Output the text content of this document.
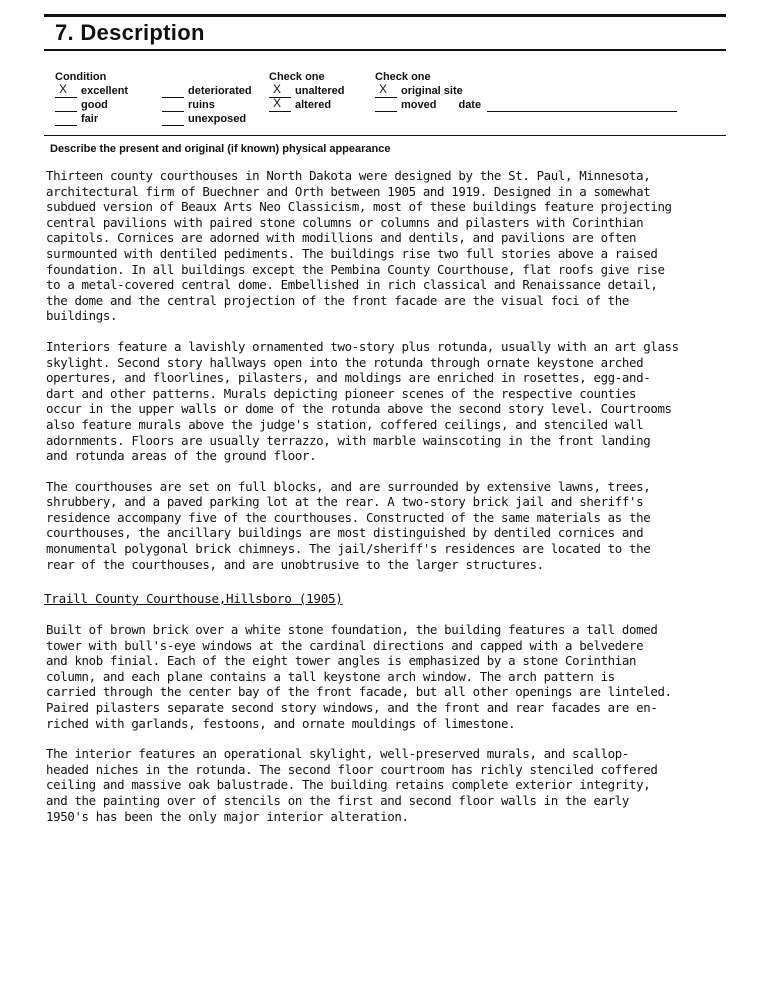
7. Description
Condition
X excellent
good
fair
deteriorated
ruins
unexposed
Check one
X unaltered
X altered
Check one
X original site
moved date
Describe the present and original (if known) physical appearance

Thirteen county courthouses in North Dakota were designed by the St. Paul, Minnesota,
architectural firm of Buechner and Orth between 1905 and 1919. Designed in a somewhat
subdued version of Beaux Arts Neo Classicism, most of these buildings feature projecting
central pavilions with paired stone columns or columns and pilasters with Corinthian
capitols. Cornices are adorned with modillions and dentils, and pavilions are often
surmounted with dentiled pediments. The buildings rise two full stories above a raised
foundation. In all buildings except the Pembina County Courthouse, flat roofs give rise
to a metal-covered central dome. Embellished in rich classical and Renaissance detail,
the dome and the central projection of the front facade are the visual foci of the
buildings.

Interiors feature a lavishly ornamented two-story plus rotunda, usually with an art glass
skylight. Second story hallways open into the rotunda through ornate keystone arched
opertures, and floorlines, pilasters, and moldings are enriched in rosettes, egg-and-
dart and other patterns. Murals depicting pioneer scenes of the respective counties
occur in the upper walls or dome of the rotunda above the second story level. Courtrooms
also feature murals above the judge's station, coffered ceilings, and stenciled wall
adornments. Floors are usually terrazzo, with marble wainscoting in the front landing
and rotunda areas of the ground floor.

The courthouses are set on full blocks, and are surrounded by extensive lawns, trees,
shrubbery, and a paved parking lot at the rear. A two-story brick jail and sheriff's
residence accompany five of the courthouses. Constructed of the same materials as the
courthouses, the ancillary buildings are most distinguished by dentiled cornices and
monumental polygonal brick chimneys. The jail/sheriff's residences are located to the
rear of the courthouses, and are unobtrusive to the larger structures.

Traill County Courthouse,Hillsboro (1905)

Built of brown brick over a white stone foundation, the building features a tall domed
tower with bull's-eye windows at the cardinal directions and capped with a belvedere
and knob finial. Each of the eight tower angles is emphasized by a stone Corinthian
column, and each plane contains a tall keystone arch window. The arch pattern is
carried through the center bay of the front facade, but all other openings are linteled.
Paired pilasters separate second story windows, and the front and rear facades are en-
riched with garlands, festoons, and ornate mouldings of limestone.

The interior features an operational skylight, well-preserved murals, and scallop-
headed niches in the rotunda. The second floor courtroom has richly stenciled coffered
ceiling and massive oak balustrade. The building retains complete exterior integrity,
and the painting over of stencils on the first and second floor walls in the early
1950's has been the only major interior alteration.
